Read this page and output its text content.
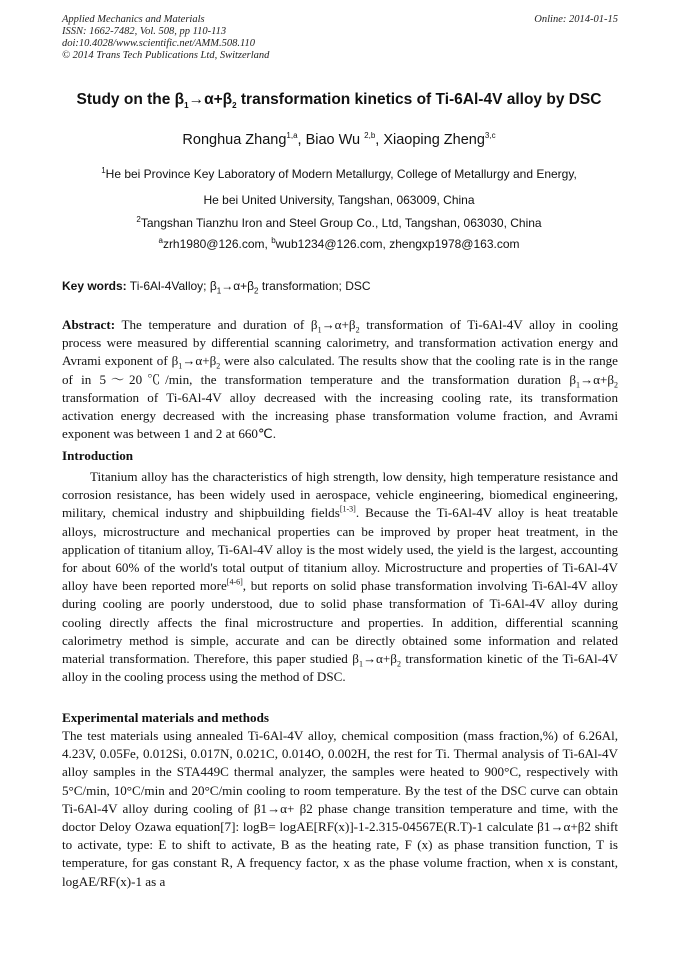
Applied Mechanics and Materials
ISSN: 1662-7482, Vol. 508, pp 110-113
doi:10.4028/www.scientific.net/AMM.508.110
© 2014 Trans Tech Publications Ltd, Switzerland
Online: 2014-01-15
Study on the $\beta_1\to\alpha+\beta_2$ transformation kinetics of Ti-6Al-4V alloy by DSC
Ronghua Zhang$^{1,a}$, Biao Wu $^{2,b}$, Xiaoping Zheng$^{3,c}$
$^1$He bei Province Key Laboratory of Modern Metallurgy, College of Metallurgy and Energy,
He bei United University, Tangshan, 063009, China
$^2$Tangshan Tianzhu Iron and Steel Group Co., Ltd, Tangshan, 063030, China
$^a$zrh1980@126.com, $^b$wub1234@126.com, zhengxp1978@163.com
Key words: Ti-6Al-4Valloy; $\beta_1\to\alpha+\beta_2$ transformation; DSC
Abstract: The temperature and duration of $\beta_1\to\alpha+\beta_2$ transformation of Ti-6Al-4V alloy in cooling process were measured by differential scanning calorimetry, and transformation activation energy and Avrami exponent of $\beta_1\to\alpha+\beta_2$ were also calculated. The results show that the cooling rate is in the range of in 5～20℃/min, the transformation temperature and the transformation duration $\beta_1\to\alpha+\beta_2$ transformation of Ti-6Al-4V alloy decreased with the increasing cooling rate, its transformation activation energy decreased with the increasing phase transformation volume fraction, and Avrami exponent was between 1 and 2 at 660℃.
Introduction
Titanium alloy has the characteristics of high strength, low density, high temperature resistance and corrosion resistance, has been widely used in aerospace, vehicle engineering, biomedical engineering, military, chemical industry and shipbuilding fields[1-3]. Because the Ti-6Al-4V alloy is heat treatable alloys, microstructure and mechanical properties can be improved by proper heat treatment, in the application of titanium alloy, Ti-6Al-4V alloy is the most widely used, the yield is the largest, accounting for about 60% of the world's total output of titanium alloy. Microstructure and properties of Ti-6Al-4V alloy have been reported more[4-6], but reports on solid phase transformation involving Ti-6Al-4V alloy during cooling are poorly understood, due to solid phase transformation of Ti-6Al-4V alloy during cooling directly affects the final microstructure and properties. In addition, differential scanning calorimetry method is simple, accurate and can be directly obtained some information and related material transformation. Therefore, this paper studied $\beta_1\to\alpha+\beta_2$ transformation kinetic of the Ti-6Al-4V alloy in the cooling process using the method of DSC.
Experimental materials and methods
The test materials using annealed Ti-6Al-4V alloy, chemical composition (mass fraction,%) of 6.26Al, 4.23V, 0.05Fe, 0.012Si, 0.017N, 0.021C, 0.014O, 0.002H, the rest for Ti. Thermal analysis of Ti-6Al-4V alloy samples in the STA449C thermal analyzer, the samples were heated to 900°C, respectively with 5°C/min, 10°C/min and 20°C/min cooling to room temperature. By the test of the DSC curve can obtain Ti-6Al-4V alloy during cooling of β1→α+ β2 phase change transition temperature and time, with the doctor Deloy Ozawa equation[7]: logB= logAE[RF(x)]-1-2.315-04567E(R.T)-1 calculate β1→α+β2 shift to activate, type: E to shift to activate, B as the heating rate, F (x) as phase transition function, T is temperature, for gas constant R, A frequency factor, x as the phase volume fraction, when x is constant, logAE/RF(x)-1 as a
